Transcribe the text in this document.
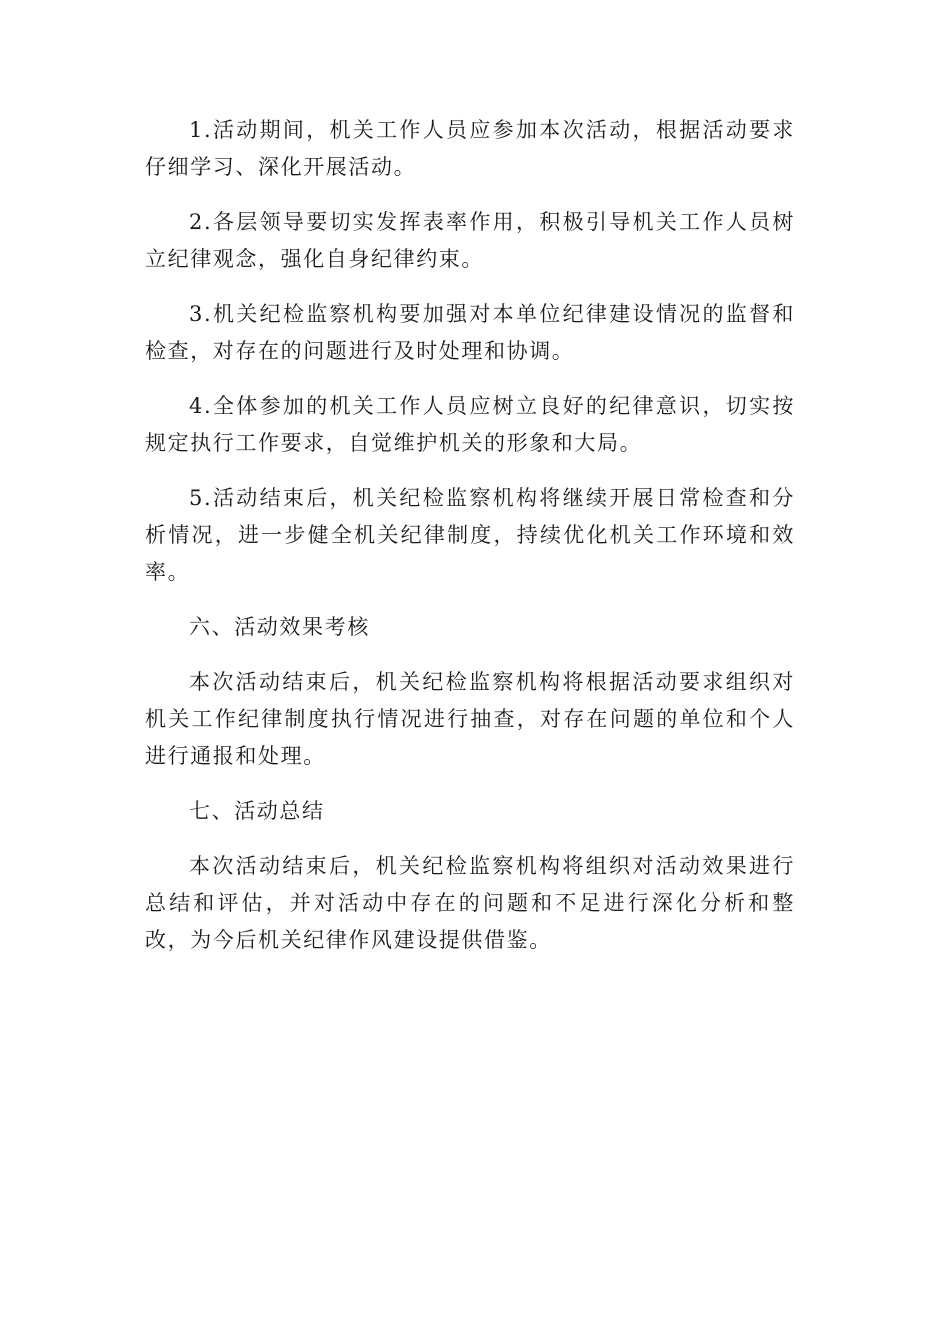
1.活动期间，机关工作人员应参加本次活动，根据活动要求仔细学习、深化开展活动。

2.各层领导要切实发挥表率作用，积极引导机关工作人员树立纪律观念，强化自身纪律约束。

3.机关纪检监察机构要加强对本单位纪律建设情况的监督和检查，对存在的问题进行及时处理和协调。

4.全体参加的机关工作人员应树立良好的纪律意识，切实按规定执行工作要求，自觉维护机关的形象和大局。

5.活动结束后，机关纪检监察机构将继续开展日常检查和分析情况，进一步健全机关纪律制度，持续优化机关工作环境和效率。

六、活动效果考核

本次活动结束后，机关纪检监察机构将根据活动要求组织对机关工作纪律制度执行情况进行抽查，对存在问题的单位和个人进行通报和处理。

七、活动总结

本次活动结束后，机关纪检监察机构将组织对活动效果进行总结和评估，并对活动中存在的问题和不足进行深化分析和整改，为今后机关纪律作风建设提供借鉴。
